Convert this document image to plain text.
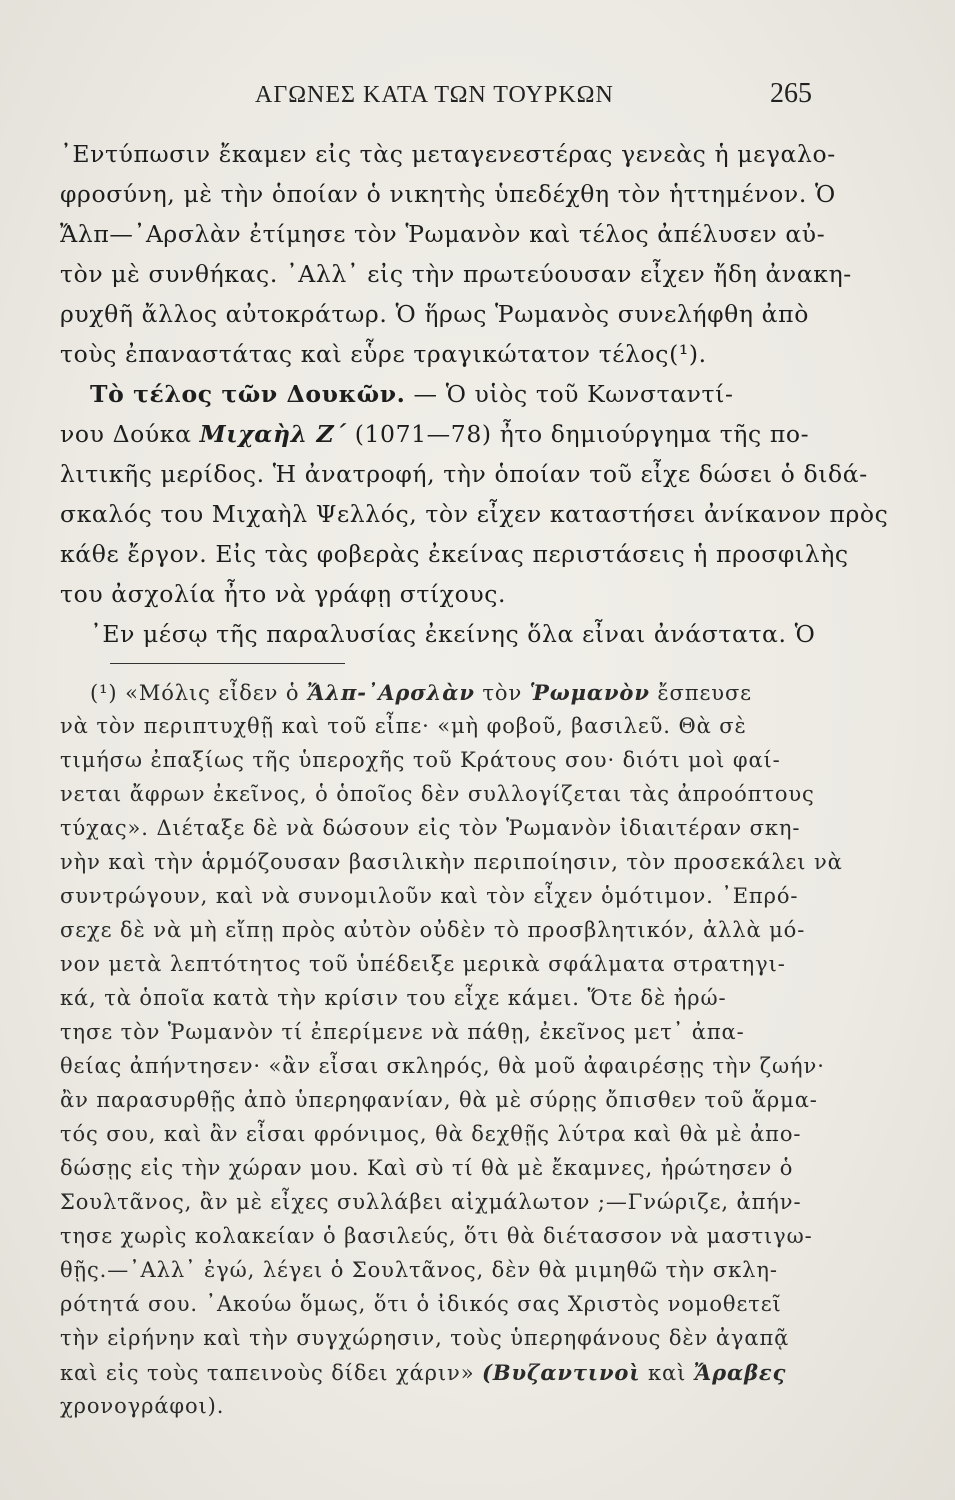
ΑΓΩΝΕΣ ΚΑΤΑ ΤΩΝ ΤΟΥΡΚΩΝ	265
᾿Εντύπωσιν ἔκαμεν εἰς τὰς μεταγενεστέρας γενεὰς ἡ μεγαλο-
φροσύνη, μὲ τὴν ὁποίαν ὁ νικητὴς ὑπεδέχθη τὸν ἡττημένον. Ὁ
Ἄλπ—᾿Αρσλὰν ἐτίμησε τὸν Ῥωμανὸν καὶ τέλος ἀπέλυσεν αὐ-
τὸν μὲ συνθήκας. ᾿Αλλ᾿ εἰς τὴν πρωτεύουσαν εἶχεν ἤδη ἀνακη-
ρυχθῆ ἄλλος αὐτοκράτωρ. Ὁ ἥρως Ῥωμανὸς συνελήφθη ἀπὸ
τοὺς ἐπαναστάτας καὶ εὗρε τραγικώτατον τέλος(¹).
Τὸ τέλος τῶν Δουκῶν. — Ὁ υἱὸς τοῦ Κωνσταντί-
νου Δούκα Μιχαὴλ Ζ΄ (1071—78) ἦτο δημιούργημα τῆς πο-
λιτικῆς μερίδος. Ἡ ἀνατροφή, τὴν ὁποίαν τοῦ εἶχε δώσει ὁ διδά-
σκαλός του Μιχαὴλ Ψελλός, τὸν εἶχεν καταστήσει ἀνίκανον πρὸς
κάθε ἔργον. Εἰς τὰς φοβερὰς ἐκείνας περιστάσεις ἡ προσφιλὴς
του ἀσχολία ἦτο νὰ γράφῃ στίχους.
᾿Εν μέσῳ τῆς παραλυσίας ἐκείνης ὅλα εἶναι ἀνάστατα. Ὁ
(¹) «Μόλις εἶδεν ὁ Ἄλπ-᾿Αρσλὰν τὸν Ῥωμανὸν ἔσπευσε
νὰ τὸν περιπτυχθῇ καὶ τοῦ εἶπε· «μὴ φοβοῦ, βασιλεῦ. Θὰ σὲ
τιμήσω ἐπαξίως τῆς ὑπεροχῆς τοῦ Κράτους σου· διότι μοὶ φαί-
νεται ἄφρων ἐκεῖνος, ὁ ὁποῖος δὲν συλλογίζεται τὰς ἀπροόπτους
τύχας». Διέταξε δὲ νὰ δώσουν εἰς τὸν Ῥωμανὸν ἰδιαιτέραν σκη-
νὴν καὶ τὴν ἁρμόζουσαν βασιλικὴν περιποίησιν, τὸν προσεκάλει νὰ
συντρώγουν, καὶ νὰ συνομιλοῦν καὶ τὸν εἶχεν ὁμότιμον. ᾿Επρό-
σεχε δὲ νὰ μὴ εἴπῃ πρὸς αὐτὸν οὐδὲν τὸ προσβλητικόν, ἀλλὰ μό-
νον μετὰ λεπτότητος τοῦ ὑπέδειξε μερικὰ σφάλματα στρατηγι-
κά, τὰ ὁποῖα κατὰ τὴν κρίσιν του εἶχε κάμει. Ὅτε δὲ ἠρώ-
τησε τὸν Ῥωμανὸν τί ἐπερίμενε νὰ πάθῃ, ἐκεῖνος μετ᾿ ἀπα-
θείας ἀπήντησεν· «ἂν εἶσαι σκληρός, θὰ μοῦ ἀφαιρέσῃς τὴν ζωήν·
ἂν παρασυρθῇς ἀπὸ ὑπερηφανίαν, θὰ μὲ σύρῃς ὄπισθεν τοῦ ἅρμα-
τός σου, καὶ ἂν εἶσαι φρόνιμος, θὰ δεχθῇς λύτρα καὶ θὰ μὲ ἀπο-
δώσῃς εἰς τὴν χώραν μου. Καὶ σὺ τί θὰ μὲ ἔκαμνες, ἠρώτησεν ὁ
Σουλτᾶνος, ἂν μὲ εἶχες συλλάβει αἰχμάλωτον ;—Γνώριζε, ἀπήν-
τησε χωρὶς κολακείαν ὁ βασιλεύς, ὅτι θὰ διέτασσον νὰ μαστιγω-
θῇς.—᾿Αλλ᾿ ἐγώ, λέγει ὁ Σουλτᾶνος, δὲν θὰ μιμηθῶ τὴν σκλη-
ρότητά σου. ᾿Ακούω ὅμως, ὅτι ὁ ἰδικός σας Χριστὸς νομοθετεῖ
τὴν εἰρήνην καὶ τὴν συγχώρησιν, τοὺς ὑπερηφάνους δὲν ἀγαπᾷ
καὶ εἰς τοὺς ταπεινοὺς δίδει χάριν» (Βυζαντινοὶ καὶ Ἄραβες
χρονογράφοι).
